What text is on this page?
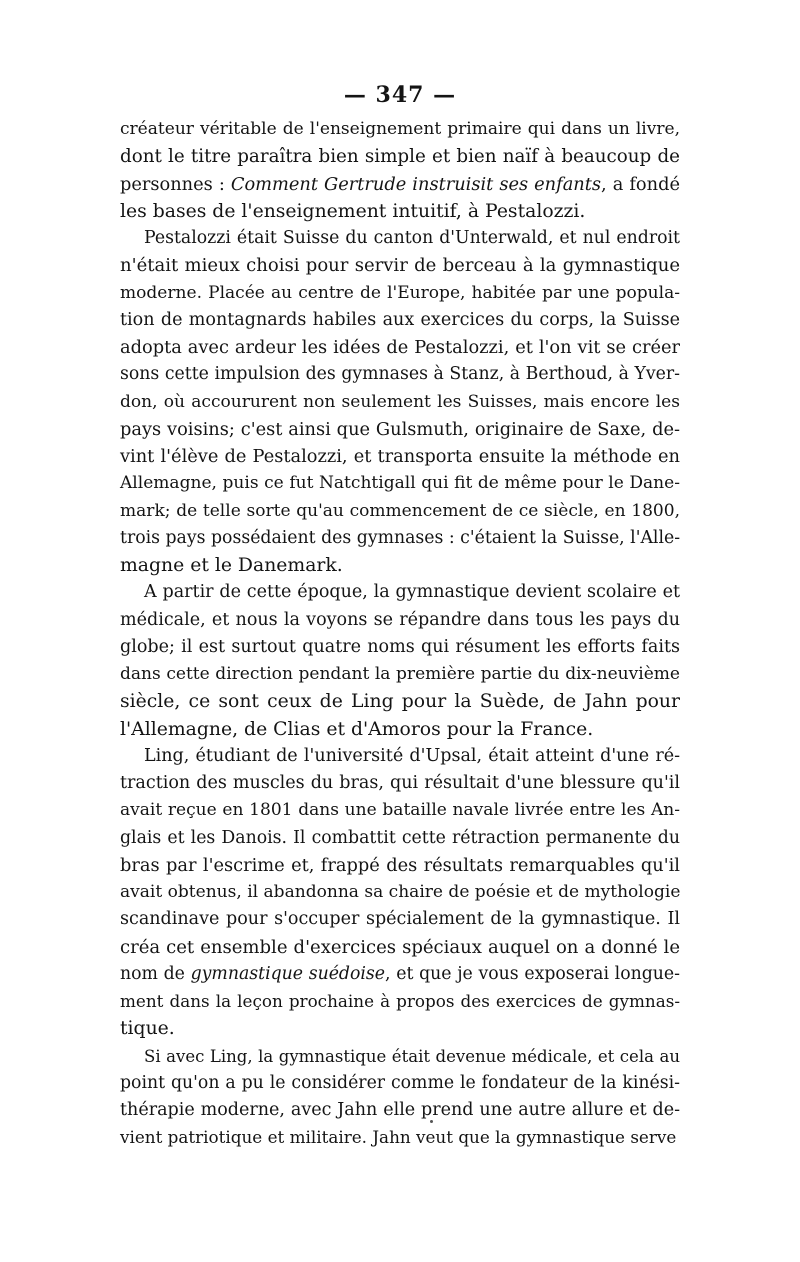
— 347 —
créateur véritable de l'enseignement primaire qui dans un livre,
dont le titre paraîtra bien simple et bien naïf à beaucoup de
personnes : Comment Gertrude instruisit ses enfants, a fondé
les bases de l'enseignement intuitif, à Pestalozzi.
Pestalozzi était Suisse du canton d'Unterwald, et nul endroit
n'était mieux choisi pour servir de berceau à la gymnastique
moderne. Placée au centre de l'Europe, habitée par une popula-
tion de montagnards habiles aux exercices du corps, la Suisse
adopta avec ardeur les idées de Pestalozzi, et l'on vit se créer
sons cette impulsion des gymnases à Stanz, à Berthoud, à Yver-
don, où accoururent non seulement les Suisses, mais encore les
pays voisins; c'est ainsi que Gulsmuth, originaire de Saxe, de-
vint l'élève de Pestalozzi, et transporta ensuite la méthode en
Allemagne, puis ce fut Natchtigall qui fit de même pour le Dane-
mark; de telle sorte qu'au commencement de ce siècle, en 1800,
trois pays possédaient des gymnases : c'étaient la Suisse, l'Alle-
magne et le Danemark.
A partir de cette époque, la gymnastique devient scolaire et
médicale, et nous la voyons se répandre dans tous les pays du
globe; il est surtout quatre noms qui résument les efforts faits
dans cette direction pendant la première partie du dix-neuvième
siècle, ce sont ceux de Ling pour la Suède, de Jahn pour
l'Allemagne, de Clias et d'Amoros pour la France.
Ling, étudiant de l'université d'Upsal, était atteint d'une ré-
traction des muscles du bras, qui résultait d'une blessure qu'il
avait reçue en 1801 dans une bataille navale livrée entre les An-
glais et les Danois. Il combattit cette rétraction permanente du
bras par l'escrime et, frappé des résultats remarquables qu'il
avait obtenus, il abandonna sa chaire de poésie et de mythologie
scandinave pour s'occuper spécialement de la gymnastique. Il
créa cet ensemble d'exercices spéciaux auquel on a donné le
nom de gymnastique suédoise, et que je vous exposerai longue-
ment dans la leçon prochaine à propos des exercices de gymnas-
tique.
Si avec Ling, la gymnastique était devenue médicale, et cela au
point qu'on a pu le considérer comme le fondateur de la kinési-
thérapie moderne, avec Jahn elle prend une autre allure et de-
vient patriotique et militaire. Jahn veut que la gymnastique serve
